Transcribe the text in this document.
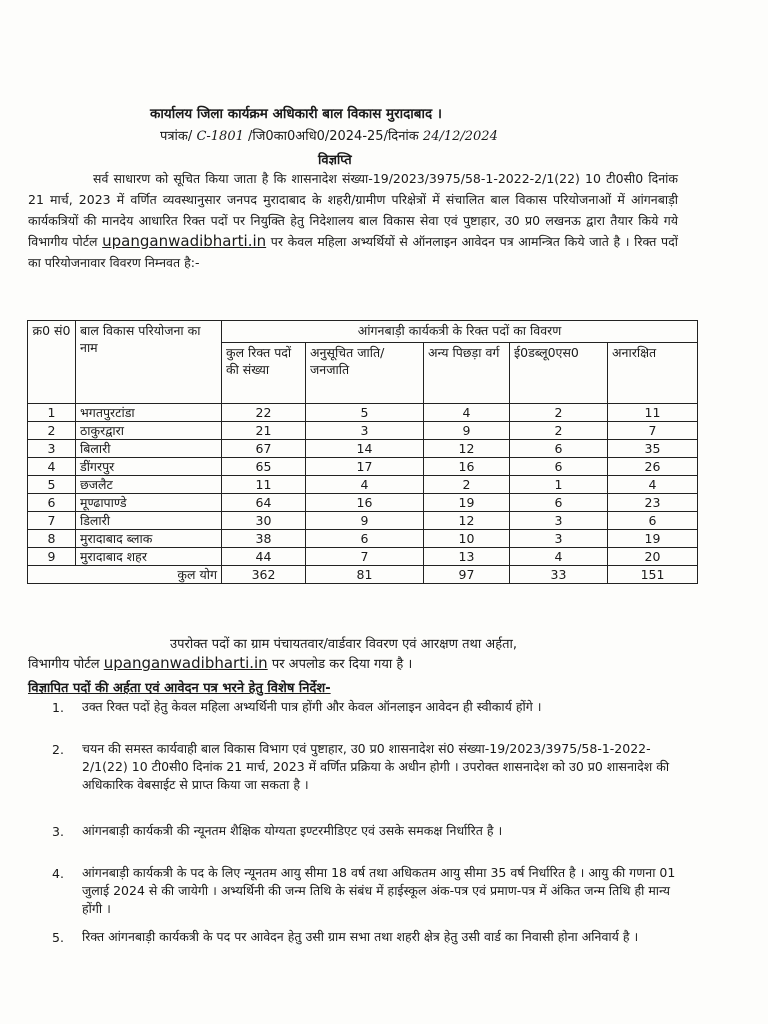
कार्यालय जिला कार्यक्रम अधिकारी बाल विकास मुरादाबाद ।
पत्रांक/ C-1801 /जि0का0अधि0/2024-25/दिनांक 24/12/2024
विज्ञप्ति
सर्व साधारण को सूचित किया जाता है कि शासनादेश संख्या-19/2023/3975/58-1-2022-2/1(22) 10 टी0सी0 दिनांक 21 मार्च, 2023 में वर्णित व्यवस्थानुसार जनपद मुरादाबाद के शहरी/ग्रामीण परिक्षेत्रों में संचालित बाल विकास परियोजनाओं में आंगनबाड़ी कार्यकत्रियों की मानदेय आधारित रिक्त पदों पर नियुक्ति हेतु निदेशालय बाल विकास सेवा एवं पुष्टाहार, उ0 प्र0 लखनऊ द्वारा तैयार किये गये विभागीय पोर्टल upanganwadibharti.in पर केवल महिला अभ्यर्थियों से ऑनलाइन आवेदन पत्र आमन्त्रित किये जाते है । रिक्त पदों का परियोजनावार विवरण निम्नवत है:-
क्र0 सं0	बाल विकास परियोजना का नाम	आंगनबाड़ी कार्यकत्री के रिक्त पदों का विवरण				
		कुल रिक्त पदों की संख्या	अनुसूचित जाति/जनजाति	अन्य पिछड़ा वर्ग	ई0डब्लू0एस0	अनारक्षित
1	भगतपुरटांडा	22	5	4	2	11
2	ठाकुरद्वारा	21	3	9	2	7
3	बिलारी	67	14	12	6	35
4	डींगरपुर	65	17	16	6	26
5	छजलैट	11	4	2	1	4
6	मूण्ढापाण्डे	64	16	19	6	23
7	डिलारी	30	9	12	3	6
8	मुरादाबाद ब्लाक	38	6	10	3	19
9	मुरादाबाद शहर	44	7	13	4	20
	कुल योग	362	81	97	33	151
उपरोक्त पदों का ग्राम पंचायतवार/वार्डवार विवरण एवं आरक्षण तथा अर्हता,
विभागीय पोर्टल upanganwadibharti.in पर अपलोड कर दिया गया है ।
विज्ञापित पदों की अर्हता एवं आवेदन पत्र भरने हेतु विशेष निर्देश-
1. उक्त रिक्त पदों हेतु केवल महिला अभ्यर्थिनी पात्र होंगी और केवल ऑनलाइन आवेदन ही स्वीकार्य होंगे ।
2. चयन की समस्त कार्यवाही बाल विकास विभाग एवं पुष्टाहार, उ0 प्र0 शासनादेश सं0 संख्या-19/2023/3975/58-1-2022-2/1(22) 10 टी0सी0 दिनांक 21 मार्च, 2023 में वर्णित प्रक्रिया के अधीन होगी । उपरोक्त शासनादेश को उ0 प्र0 शासनादेश की अधिकारिक वेबसाईट से प्राप्त किया जा सकता है ।
3. आंगनबाड़ी कार्यकत्री की न्यूनतम शैक्षिक योग्यता इण्टरमीडिएट एवं उसके समकक्ष निर्धारित है ।
4. आंगनबाड़ी कार्यकत्री के पद के लिए न्यूनतम आयु सीमा 18 वर्ष तथा अधिकतम आयु सीमा 35 वर्ष निर्धारित है । आयु की गणना 01 जुलाई 2024 से की जायेगी । अभ्यर्थिनी की जन्म तिथि के संबंध में हाईस्कूल अंक-पत्र एवं प्रमाण-पत्र में अंकित जन्म तिथि ही मान्य होंगी ।
5. रिक्त आंगनबाड़ी कार्यकत्री के पद पर आवेदन हेतु उसी ग्राम सभा तथा शहरी क्षेत्र हेतु उसी वार्ड का निवासी होना अनिवार्य है ।
